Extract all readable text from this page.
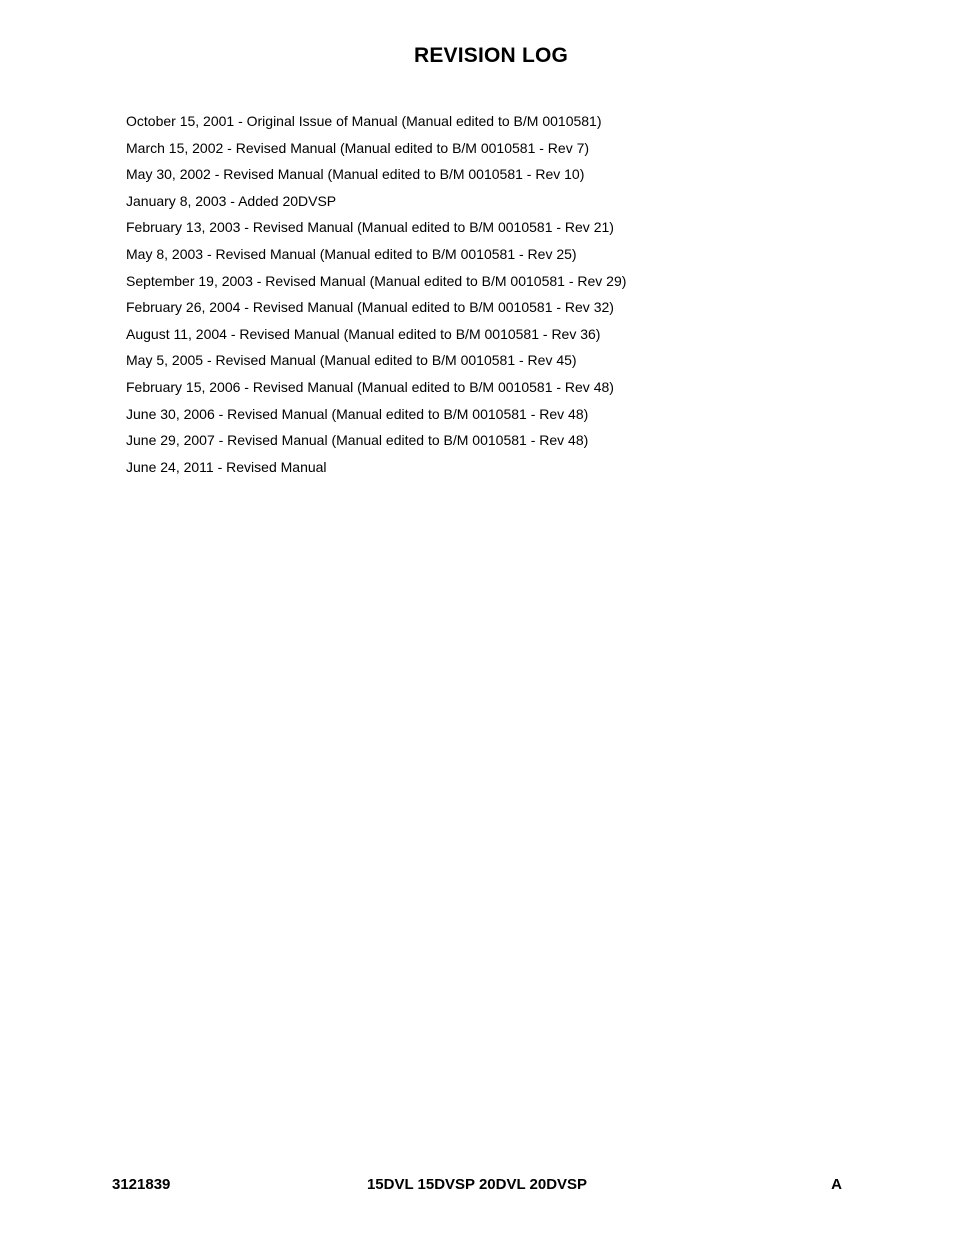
REVISION LOG
October 15, 2001 - Original Issue of Manual (Manual edited to B/M 0010581)
March 15, 2002 - Revised Manual (Manual edited to B/M 0010581 - Rev 7)
May 30, 2002 - Revised Manual (Manual edited to B/M 0010581 - Rev 10)
January 8, 2003 - Added 20DVSP
February 13, 2003 - Revised Manual (Manual edited to B/M 0010581 - Rev 21)
May 8, 2003 - Revised Manual (Manual edited to B/M 0010581 - Rev 25)
September 19, 2003 - Revised Manual (Manual edited to B/M 0010581 - Rev 29)
February 26, 2004 - Revised Manual (Manual edited to B/M 0010581 - Rev 32)
August 11, 2004 - Revised Manual (Manual edited to B/M 0010581 - Rev 36)
May 5, 2005 - Revised Manual (Manual edited to B/M 0010581 - Rev 45)
February 15, 2006 - Revised Manual (Manual edited to B/M 0010581 - Rev 48)
June 30, 2006 - Revised Manual (Manual edited to B/M 0010581 - Rev 48)
June 29, 2007 - Revised Manual (Manual edited to B/M 0010581 - Rev 48)
June 24, 2011 - Revised Manual
15DVL 15DVSP 20DVL 20DVSP
3121839	A
